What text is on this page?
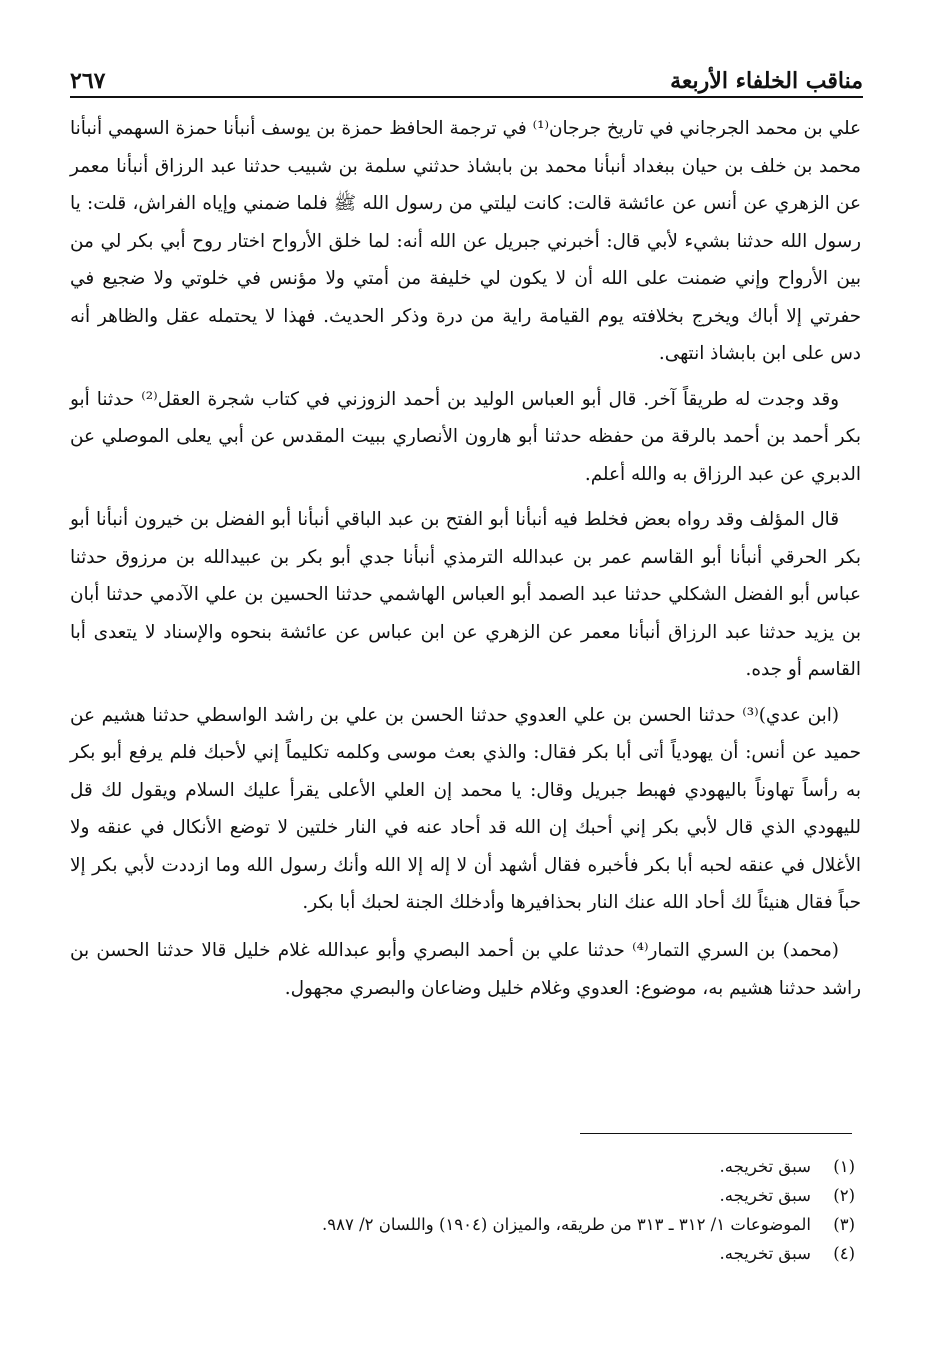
مناقب الخلفاء الأربعة
٢٦٧

علي بن محمد الجرجاني في تاريخ جرجان⁽¹⁾ في ترجمة الحافظ حمزة بن يوسف أنبأنا حمزة السهمي أنبأنا محمد بن خلف بن حيان ببغداد أنبأنا محمد بن بابشاذ حدثني سلمة بن شبيب حدثنا عبد الرزاق أنبأنا معمر عن الزهري عن أنس عن عائشة قالت: كانت ليلتي من رسول الله ﷺ فلما ضمني وإياه الفراش، قلت: يا رسول الله حدثنا بشيء لأبي قال: أخبرني جبريل عن الله أنه: لما خلق الأرواح اختار روح أبي بكر لي من بين الأرواح وإني ضمنت على الله أن لا يكون لي خليفة من أمتي ولا مؤنس في خلوتي ولا ضجيع في حفرتي إلا أباك ويخرج بخلافته يوم القيامة راية من درة وذكر الحديث. فهذا لا يحتمله عقل والظاهر أنه دس على ابن بابشاذ انتهى.

وقد وجدت له طريقاً آخر. قال أبو العباس الوليد بن أحمد الزوزني في كتاب شجرة العقل⁽²⁾ حدثنا أبو بكر أحمد بن أحمد بالرقة من حفظه حدثنا أبو هارون الأنصاري ببيت المقدس عن أبي يعلى الموصلي عن الدبري عن عبد الرزاق به والله أعلم.

قال المؤلف وقد رواه بعض فخلط فيه أنبأنا أبو الفتح بن عبد الباقي أنبأنا أبو الفضل بن خيرون أنبأنا أبو بكر الحرقي أنبأنا أبو القاسم عمر بن عبدالله الترمذي أنبأنا جدي أبو بكر بن عبيدالله بن مرزوق حدثنا عباس أبو الفضل الشكلي حدثنا عبد الصمد أبو العباس الهاشمي حدثنا الحسين بن علي الآدمي حدثنا أبان بن يزيد حدثنا عبد الرزاق أنبأنا معمر عن الزهري عن ابن عباس عن عائشة بنحوه والإسناد لا يتعدى أبا القاسم أو جده.

(ابن عدي)⁽³⁾ حدثنا الحسن بن علي العدوي حدثنا الحسن بن علي بن راشد الواسطي حدثنا هشيم عن حميد عن أنس: أن يهودياً أتى أبا بكر فقال: والذي بعث موسى وكلمه تكليماً إني لأحبك فلم يرفع أبو بكر به رأساً تهاوناً باليهودي فهبط جبريل وقال: يا محمد إن العلي الأعلى يقرأ عليك السلام ويقول لك قل لليهودي الذي قال لأبي بكر إني أحبك إن الله قد أحاد عنه في النار خلتين لا توضع الأنكال في عنقه ولا الأغلال في عنقه لحبه أبا بكر فأخبره فقال أشهد أن لا إله إلا الله وأنك رسول الله وما ازددت لأبي بكر إلا حباً فقال هنيئاً لك أحاد الله عنك النار بحذافيرها وأدخلك الجنة لحبك أبا بكر.

(محمد) بن السري التمار⁽⁴⁾ حدثنا علي بن أحمد البصري وأبو عبدالله غلام خليل قالا حدثنا الحسن بن راشد حدثنا هشيم به، موضوع: العدوي وغلام خليل وضاعان والبصري مجهول.

(١)
سبق تخريجه.
(٢)
سبق تخريجه.
(٣)
الموضوعات ١/ ٣١٢ ـ ٣١٣ من طريقه، والميزان (١٩٠٤) واللسان ٢/ ٩٨٧.
(٤)
سبق تخريجه.
